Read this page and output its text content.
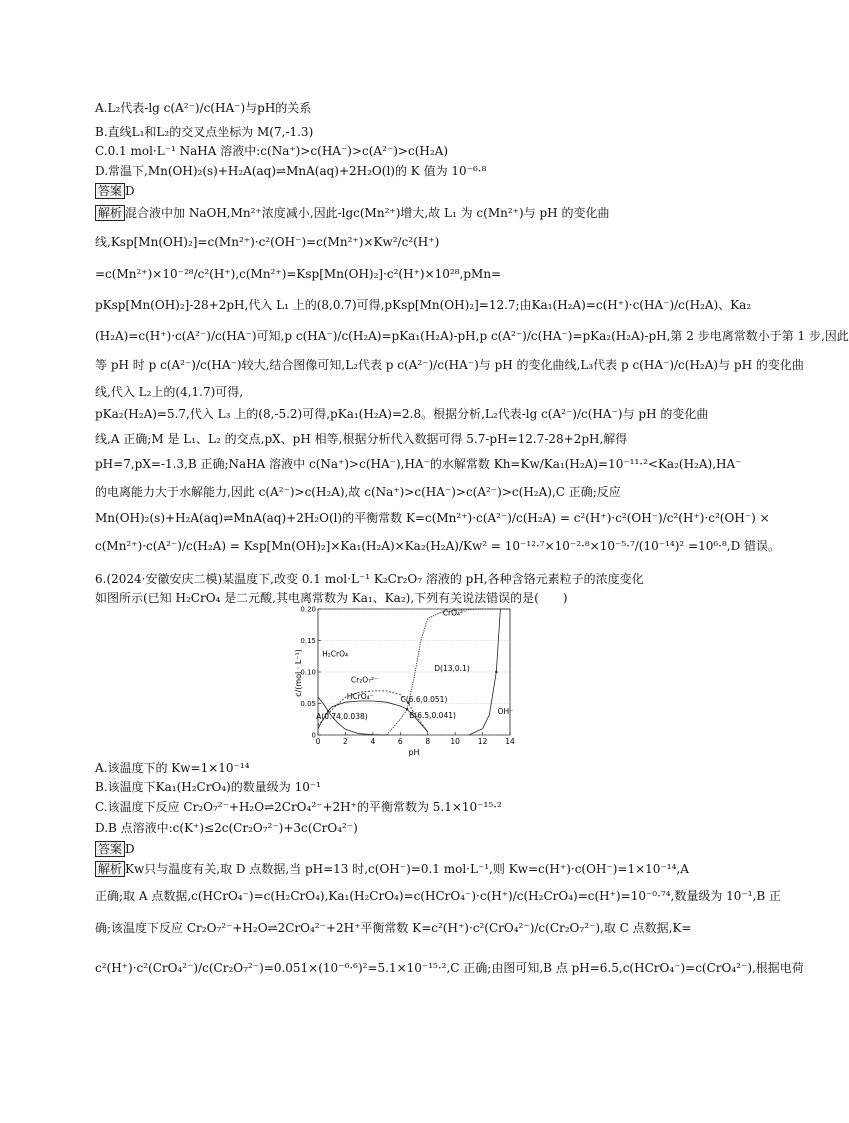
A.L₂代表-lg c(A²⁻)/c(HA⁻)与pH的关系
B.直线L₁和L₂的交叉点坐标为 M(7,-1.3)
C.0.1 mol·L⁻¹ NaHA 溶液中:c(Na⁺)>c(HA⁻)>c(A²⁻)>c(H₂A)
D.常温下,Mn(OH)₂(s)+H₂A(aq)⇌MnA(aq)+2H₂O(l)的 K 值为 10⁻⁶·⁸
答案 D
解析 混合液中加 NaOH,Mn²⁺浓度减小,因此-lgc(Mn²⁺)增大,故 L₁ 为 c(Mn²⁺)与 pH 的变化曲
线,Ksp[Mn(OH)₂]=c(Mn²⁺)·c²(OH⁻)=c(Mn²⁺)×Kw²/c²(H⁺)
=c(Mn²⁺)×10⁻²⁸/c²(H⁺),c(Mn²⁺)=Ksp[Mn(OH)₂]·c²(H⁺)×10²⁸,pMn=
pKsp[Mn(OH)₂]-28+2pH,代入 L₁ 上的(8,0.7)可得,pKsp[Mn(OH)₂]=12.7;由Ka₁(H₂A)=c(H⁺)·c(HA⁻)/c(H₂A)、Ka₂
(H₂A)=c(H⁺)·c(A²⁻)/c(HA⁻)可知,p c(HA⁻)/c(H₂A)=pKa₁(H₂A)-pH,p c(A²⁻)/c(HA⁻)=pKa₂(H₂A)-pH,第 2 步电离常数小于第 1 步,因此
等 pH 时 p c(A²⁻)/c(HA⁻)较大,结合图像可知,L₂代表 p c(A²⁻)/c(HA⁻)与 pH 的变化曲线,L₃代表 p c(HA⁻)/c(H₂A)与 pH 的变化曲
线,代入 L₂上的(4,1.7)可得,
pKa₂(H₂A)=5.7,代入 L₃ 上的(8,-5.2)可得,pKa₁(H₂A)=2.8。根据分析,L₂代表-lg c(A²⁻)/c(HA⁻)与 pH 的变化曲
线,A 正确;M 是 L₁、L₂ 的交点,pX、pH 相等,根据分析代入数据可得 5.7-pH=12.7-28+2pH,解得
pH=7,pX=-1.3,B 正确;NaHA 溶液中 c(Na⁺)>c(HA⁻),HA⁻的水解常数 Kh=Kw/Ka₁(H₂A)=10⁻¹¹·²<Ka₂(H₂A),HA⁻
的电离能力大于水解能力,因此 c(A²⁻)>c(H₂A),故 c(Na⁺)>c(HA⁻)>c(A²⁻)>c(H₂A),C 正确;反应
Mn(OH)₂(s)+H₂A(aq)⇌MnA(aq)+2H₂O(l)的平衡常数 K=c(Mn²⁺)·c(A²⁻)/c(H₂A) = c²(H⁺)·c²(OH⁻)/c²(H⁺)·c²(OH⁻) ×
c(Mn²⁺)·c(A²⁻)/c(H₂A) = Ksp[Mn(OH)₂]×Ka₁(H₂A)×Ka₂(H₂A)/Kw² = 10⁻¹²·⁷×10⁻²·⁸×10⁻⁵·⁷/(10⁻¹⁴)² =10⁶·⁸,D 错误。
6.(2024·安徽安庆二模)某温度下,改变 0.1 mol·L⁻¹ K₂Cr₂O₇ 溶液的 pH,各种含铬元素粒子的浓度变化
如图所示(已知 H₂CrO₄ 是二元酸,其电离常数为 Ka₁、Ka₂),下列有关说法错误的是(　　)
H₂CrO₄
HCrO₄⁻
Cr₂O₇²⁻
CrO₄²⁻
OH⁻
0	2	4	6	8	10 12 14
0
0.05
0.10
0.15
0.20
A(0.74,0.038)	B(6.5,0.041)
C(6.6,0.051)
D(13,0.1)
pH
c/(mol · L⁻¹)
A.该温度下的 Kw=1×10⁻¹⁴
B.该温度下Ka₁(H₂CrO₄)的数量级为 10⁻¹
C.该温度下反应 Cr₂O₇²⁻+H₂O⇌2CrO₄²⁻+2H⁺的平衡常数为 5.1×10⁻¹⁵·²
D.B 点溶液中:c(K⁺)≤2c(Cr₂O₇²⁻)+3c(CrO₄²⁻)
答案 D
解析 Kw只与温度有关,取 D 点数据,当 pH=13 时,c(OH⁻)=0.1 mol·L⁻¹,则 Kw=c(H⁺)·c(OH⁻)=1×10⁻¹⁴,A
正确;取 A 点数据,c(HCrO₄⁻)=c(H₂CrO₄),Ka₁(H₂CrO₄)=c(HCrO₄⁻)·c(H⁺)/c(H₂CrO₄)=c(H⁺)=10⁻⁰·⁷⁴,数量级为 10⁻¹,B 正
确;该温度下反应 Cr₂O₇²⁻+H₂O⇌2CrO₄²⁻+2H⁺平衡常数 K=c²(H⁺)·c²(CrO₄²⁻)/c(Cr₂O₇²⁻),取 C 点数据,K=
c²(H⁺)·c²(CrO₄²⁻)/c(Cr₂O₇²⁻)=0.051×(10⁻⁶·⁶)²=5.1×10⁻¹⁵·²,C 正确;由图可知,B 点 pH=6.5,c(HCrO₄⁻)=c(CrO₄²⁻),根据电荷
